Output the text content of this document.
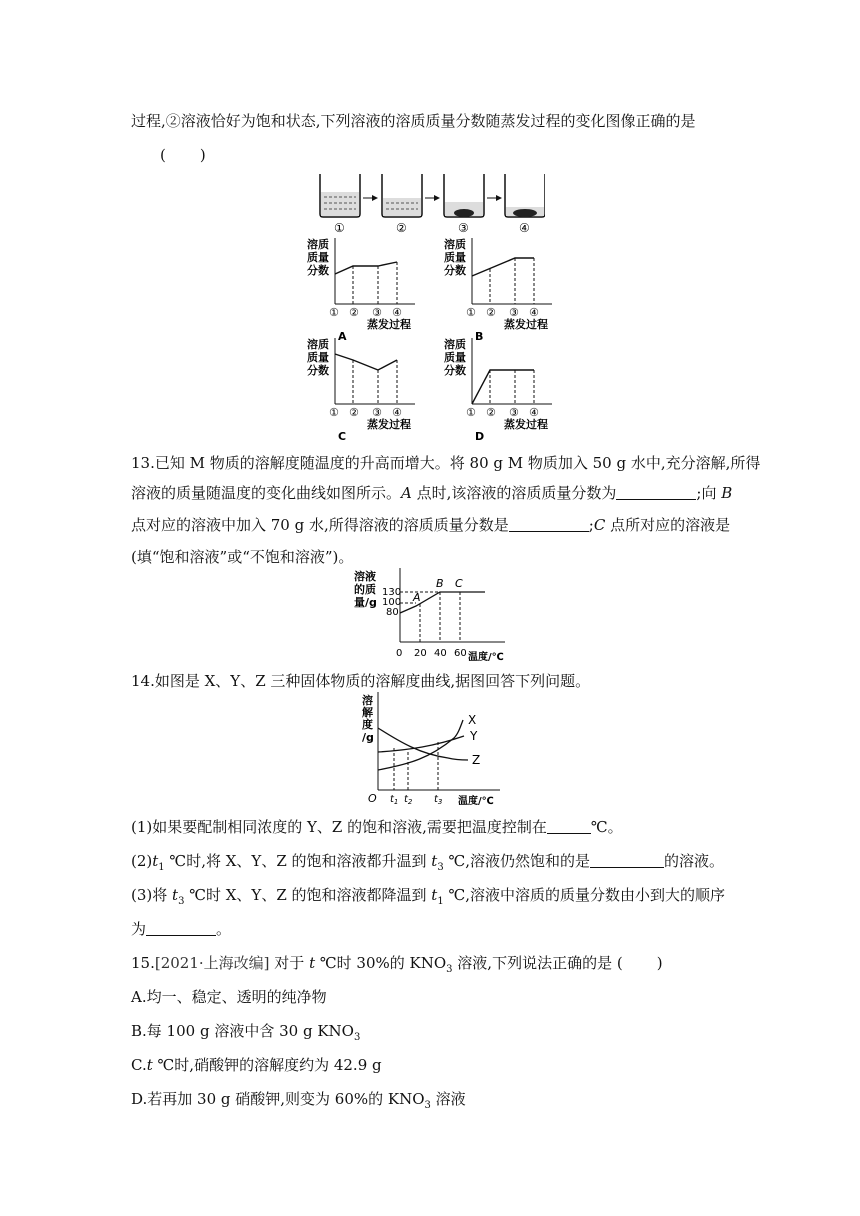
过程,②溶液恰好为饱和状态,下列溶液的溶质质量分数随蒸发过程的变化图像正确的是
( )
①	②	③	④
溶质
质量
分数
① ② ③ ④
蒸发过程
A
溶质
质量
分数
① ② ③ ④
蒸发过程
B
溶质
质量
分数
① ② ③ ④
蒸发过程
C
溶质
质量
分数
① ② ③ ④
蒸发过程
D
13.已知 M 物质的溶解度随温度的升高而增大。将 80 g M 物质加入 50 g 水中,充分溶解,所得
溶液的质量随温度的变化曲线如图所示。A 点时,该溶液的溶质质量分数为	;向 B
点对应的溶液中加入 70 g 水,所得溶液的溶质质量分数是	;C 点所对应的溶液是
(填“饱和溶液”或“不饱和溶液”)。
溶液
的质
量/g
130
100
80
A
B C
0 20 40 60 温度/℃
14.如图是 X、Y、Z 三种固体物质的溶解度曲线,据图回答下列问题。
溶
解
度
/g
X
Y
Z
O $t_1$ $t_2$ $t_3$ 温度/℃
(1)如果要配制相同浓度的 Y、Z 的饱和溶液,需要把温度控制在	℃。
$(2)t_1$ ℃时,将 X、Y、Z 的饱和溶液都升温到 $t_3$ ℃,溶液仍然饱和的是	的溶液。
(3)将 $t_3$ ℃时 X、Y、Z 的饱和溶液都降温到 $t_1$ ℃,溶液中溶质的质量分数由小到大的顺序
为	。
15.[2021·上海改编] 对于 t ℃时 30%的 $KNO_3$ 溶液,下列说法正确的是 ( )
A.均一、稳定、透明的纯净物
B.每 100 g 溶液中含 30 g $KNO_3$
C.t ℃时,硝酸钾的溶解度约为 42.9 g
D.若再加 30 g 硝酸钾,则变为 60%的 $KNO_3$ 溶液
